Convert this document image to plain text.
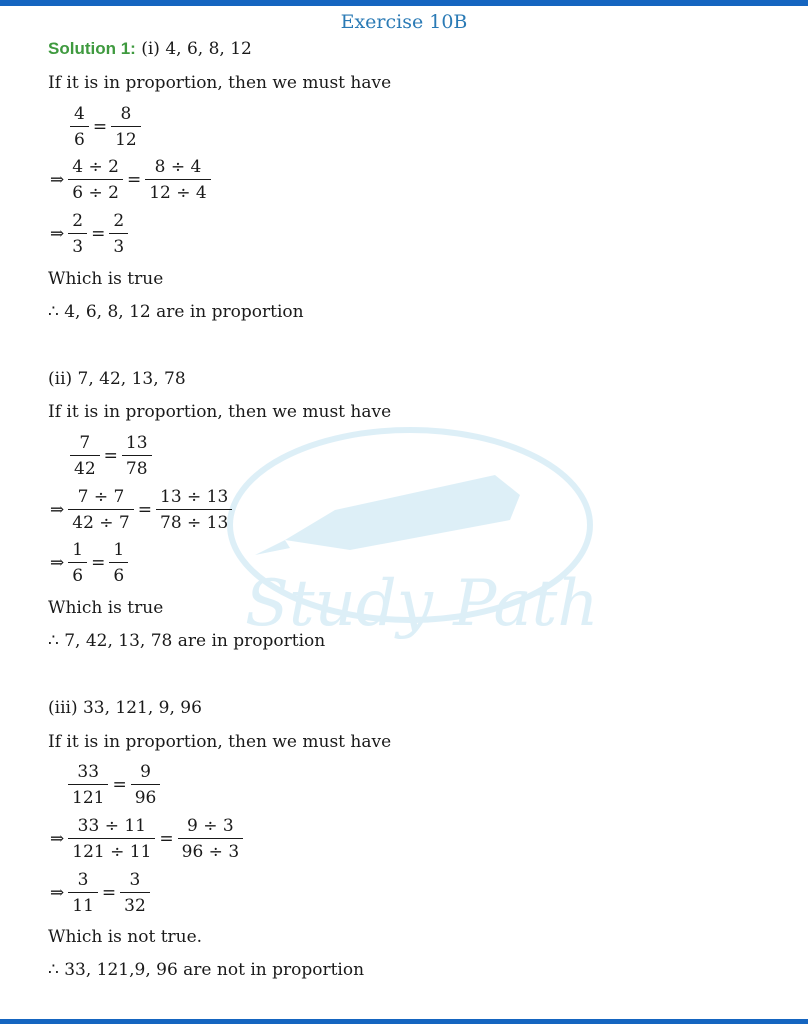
Exercise 10B
Study Path
Solution 1: (i) 4, 6, 8, 12
If it is in proportion, then we must have
$\frac{4}{6} = \frac{8}{12}$
⇒ $\frac{4 \div 2}{6 \div 2} = \frac{8 \div 4}{12 \div 4}$
⇒ $\frac{2}{3} = \frac{2}{3}$
Which is true
∴ 4, 6, 8, 12 are in proportion
(ii) 7, 42, 13, 78
If it is in proportion, then we must have
$\frac{7}{42} = \frac{13}{78}$
⇒ $\frac{7 \div 7}{42 \div 7} = \frac{13 \div 13}{78 \div 13}$
⇒ $\frac{1}{6} = \frac{1}{6}$
Which is true
∴ 7, 42, 13, 78 are in proportion
(iii) 33, 121, 9, 96
If it is in proportion, then we must have
$\frac{33}{121} = \frac{9}{96}$
⇒ $\frac{33 \div 11}{121 \div 11} = \frac{9 \div 3}{96 \div 3}$
⇒ $\frac{3}{11} = \frac{3}{32}$
Which is not true.
∴ 33, 121,9, 96 are not in proportion
